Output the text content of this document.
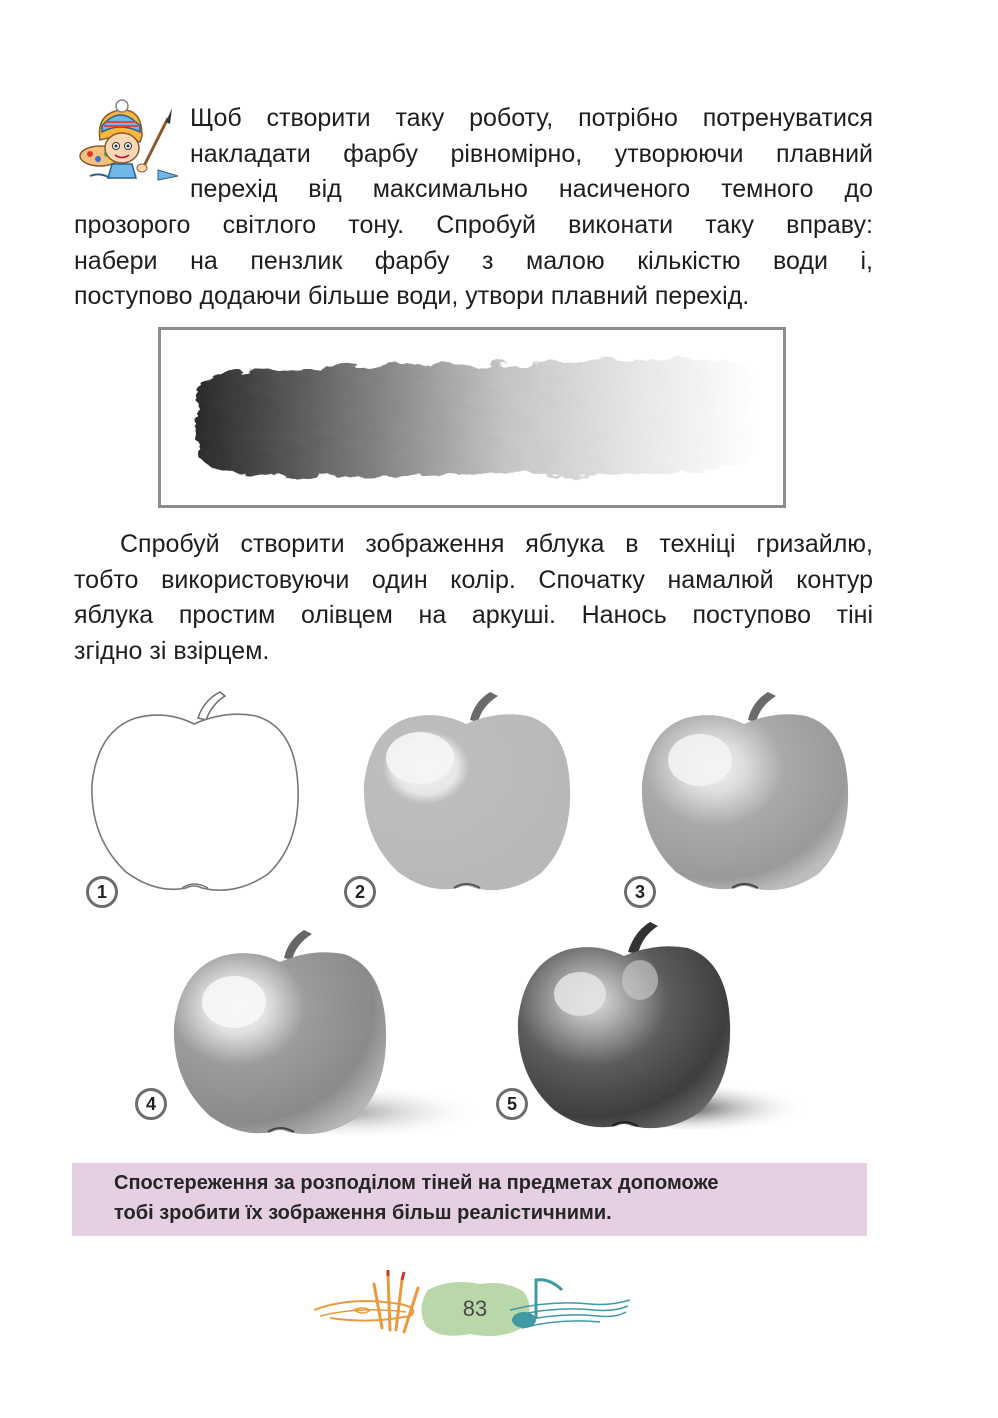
Щоб створити таку роботу, потрібно потренуватися
накладати фарбу рівномірно, утворюючи плавний
перехід від максимально насиченого темного до
прозорого світлого тону. Спробуй виконати таку вправу:
набери на пензлик фарбу з малою кількістю води і,
поступово додаючи більше води, утвори плавний перехід.
Спробуй створити зображення яблука в техніці гризайлю,
тобто використовуючи один колір. Спочатку намалюй контур
яблука простим олівцем на аркуші. Нанось поступово тіні
згідно зі взірцем.
1	2	3
4	5
Спостереження за розподілом тіней на предметах допоможе
тобі зробити їх зображення більш реалістичними.
83
